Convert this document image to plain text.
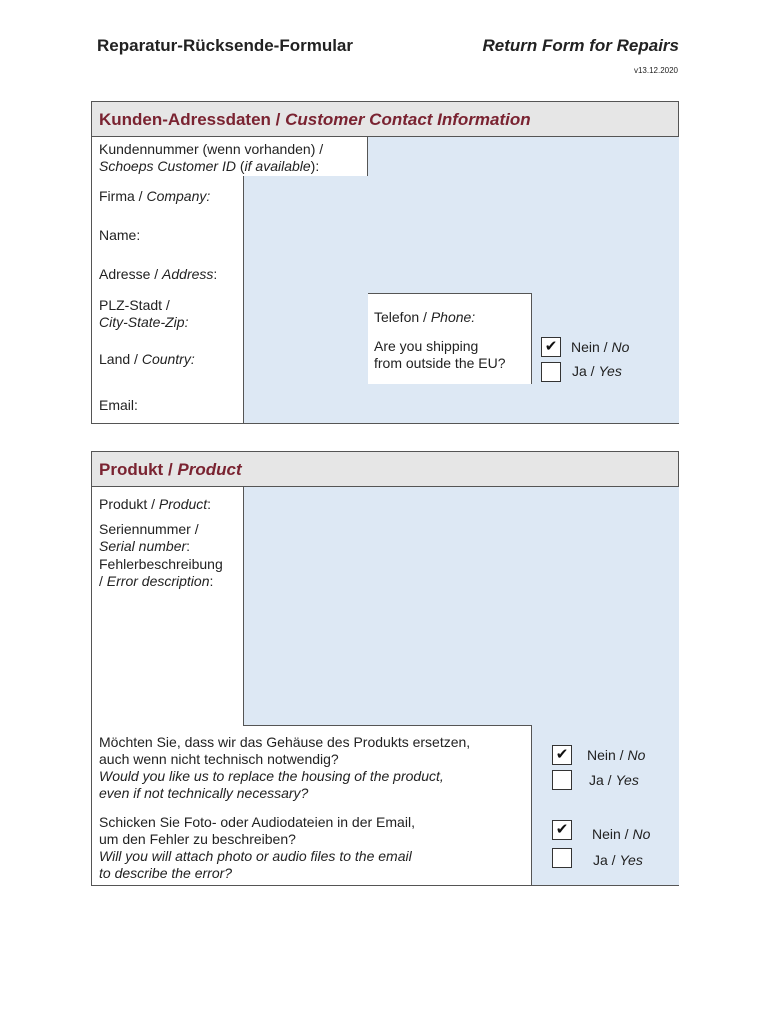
Reparatur-Rücksende-Formular	Return Form for Repairs
v13.12.2020
Kunden-Adressdaten / Customer Contact Information
Kundennummer (wenn vorhanden) /
Schoeps Customer ID (if available):
Firma / Company:
Name:
Adresse / Address:
PLZ-Stadt /
City-State-Zip:	Telefon / Phone:
Land / Country:
Are you shipping
from outside the EU?
✔ Nein / No
Ja / Yes
Email:
Produkt / Product
Produkt / Product:
Seriennummer /
Serial number:
Fehlerbeschreibung
/ Error description:
Möchten Sie, dass wir das Gehäuse des Produkts ersetzen,
auch wenn nicht technisch notwendig?
Would you like us to replace the housing of the product,
even if not technically necessary?
✔ Nein / No
Ja / Yes
Schicken Sie Foto- oder Audiodateien in der Email,
um den Fehler zu beschreiben?
Will you will attach photo or audio files to the email
to describe the error?
✔ Nein / No
Ja / Yes
